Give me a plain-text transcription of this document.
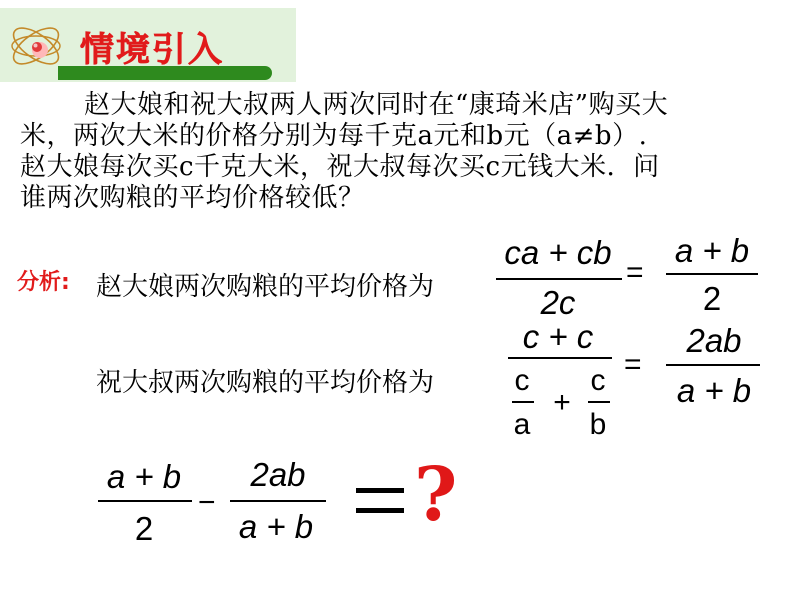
情境引入
赵大娘和祝大叔两人两次同时在“康琦米店”购买大
米，两次大米的价格分别为每千克a元和b元（a≠b）.
赵大娘每次买c千克大米，祝大叔每次买c元钱大米．问
谁两次购粮的平均价格较低？
分析: 赵大娘两次购粮的平均价格为
ca + cb
2c
=
a + b
2
祝大叔两次购粮的平均价格为
c + c
c
a
+
c
b
=
2ab
a + b
a + b
2
−
2ab
a + b ?
